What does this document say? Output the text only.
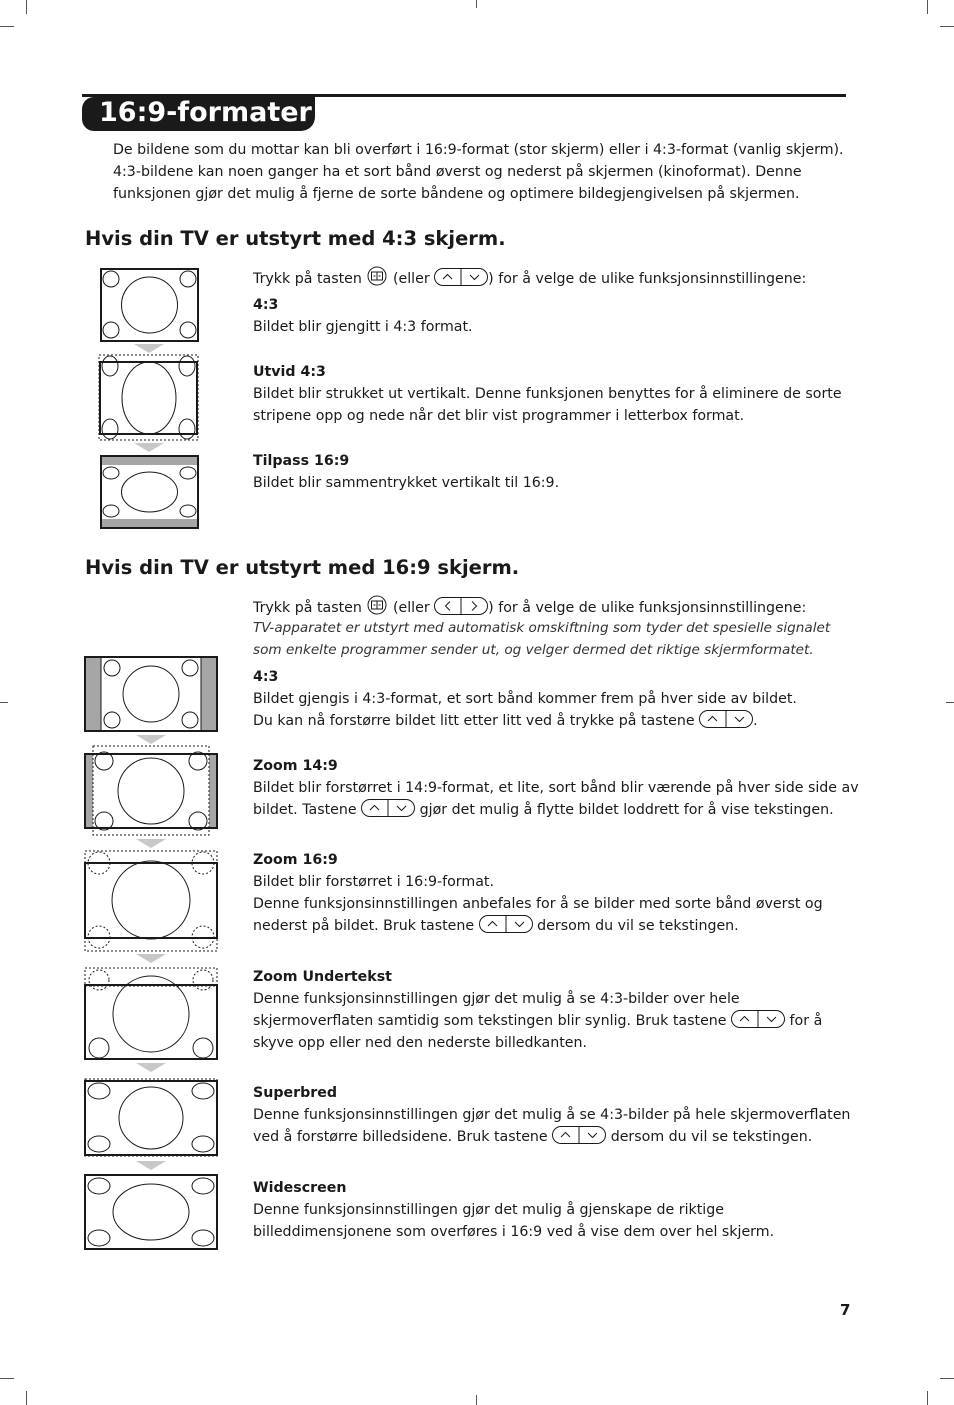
16:9-formater

De bildene som du mottar kan bli overført i 16:9-format (stor skjerm) eller i 4:3-format (vanlig skjerm). 4:3-bildene kan noen ganger ha et sort bånd øverst og nederst på skjermen (kinoformat). Denne funksjonen gjør det mulig å fjerne de sorte båndene og optimere bildegjengivelsen på skjermen.

Hvis din TV er utstyrt med 4:3 skjerm.

Trykk på tasten (eller	) for å velge de ulike funksjonsinnstillingene:

4:3
Bildet blir gjengitt i 4:3 format.

Utvid 4:3
Bildet blir strukket ut vertikalt. Denne funksjonen benyttes for å eliminere de sorte stripene opp og nede når det blir vist programmer i letterbox format.

Tilpass 16:9
Bildet blir sammentrykket vertikalt til 16:9.

Hvis din TV er utstyrt med 16:9 skjerm.

Trykk på tasten (eller	) for å velge de ulike funksjonsinnstillingene:

TV-apparatet er utstyrt med automatisk omskiftning som tyder det spesielle signalet som enkelte programmer sender ut, og velger dermed det riktige skjermformatet.

4:3
Bildet gjengis i 4:3-format, et sort bånd kommer frem på hver side av bildet.
Du kan nå forstørre bildet litt etter litt ved å trykke på tastene	.

Zoom 14:9
Bildet blir forstørret i 14:9-format, et lite, sort bånd blir værende på hver side side av bildet. Tastene	gjør det mulig å flytte bildet loddrett for å vise tekstingen.

Zoom 16:9
Bildet blir forstørret i 16:9-format.
Denne funksjonsinnstillingen anbefales for å se bilder med sorte bånd øverst og nederst på bildet. Bruk tastene	dersom du vil se tekstingen.

Zoom Undertekst
Denne funksjonsinnstillingen gjør det mulig å se 4:3-bilder over hele skjermoverflaten samtidig som tekstingen blir synlig. Bruk tastene	for å skyve opp eller ned den nederste billedkanten.

Superbred
Denne funksjonsinnstillingen gjør det mulig å se 4:3-bilder på hele skjermoverflaten ved å forstørre billedsidene. Bruk tastene	dersom du vil se tekstingen.

Widescreen
Denne funksjonsinnstillingen gjør det mulig å gjenskape de riktige billeddimensjonene som overføres i 16:9 ved å vise dem over hel skjerm.

7
